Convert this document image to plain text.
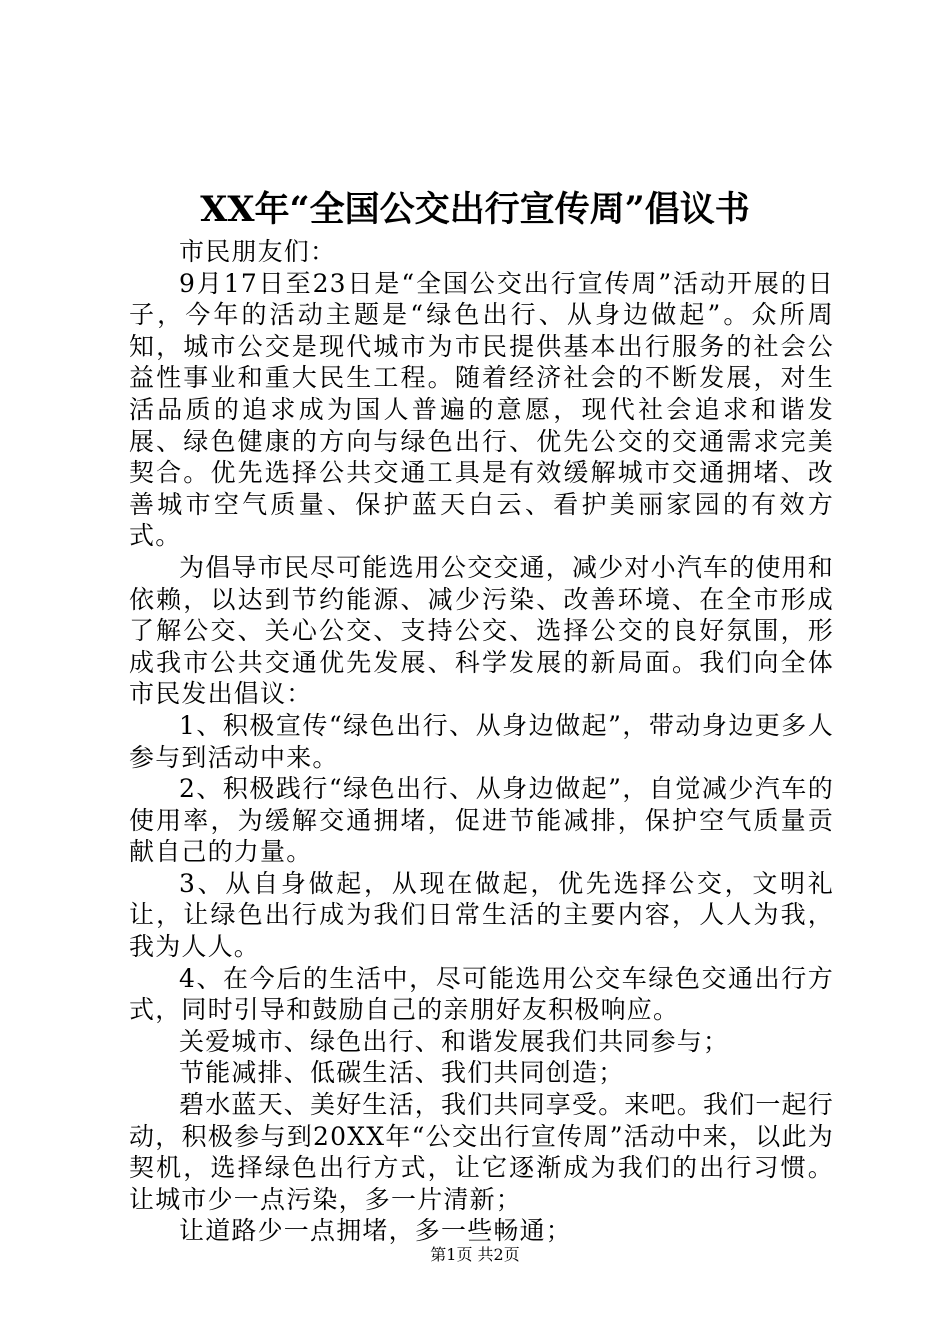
XX年“全国公交出行宣传周”倡议书

市民朋友们：

9月17日至23日是“全国公交出行宣传周”活动开展的日子，今年的活动主题是“绿色出行、从身边做起”。众所周知，城市公交是现代城市为市民提供基本出行服务的社会公益性事业和重大民生工程。随着经济社会的不断发展，对生活品质的追求成为国人普遍的意愿，现代社会追求和谐发展、绿色健康的方向与绿色出行、优先公交的交通需求完美契合。优先选择公共交通工具是有效缓解城市交通拥堵、改善城市空气质量、保护蓝天白云、看护美丽家园的有效方式。

为倡导市民尽可能选用公交交通，减少对小汽车的使用和依赖，以达到节约能源、减少污染、改善环境、在全市形成了解公交、关心公交、支持公交、选择公交的良好氛围，形成我市公共交通优先发展、科学发展的新局面。我们向全体市民发出倡议：

1、积极宣传“绿色出行、从身边做起”，带动身边更多人参与到活动中来。

2、积极践行“绿色出行、从身边做起”，自觉减少汽车的使用率，为缓解交通拥堵，促进节能减排，保护空气质量贡献自己的力量。

3、从自身做起，从现在做起，优先选择公交，文明礼让，让绿色出行成为我们日常生活的主要内容，人人为我，我为人人。

4、在今后的生活中，尽可能选用公交车绿色交通出行方式，同时引导和鼓励自己的亲朋好友积极响应。

关爱城市、绿色出行、和谐发展我们共同参与；

节能减排、低碳生活、我们共同创造；

碧水蓝天、美好生活，我们共同享受。来吧。我们一起行动，积极参与到20XX年“公交出行宣传周”活动中来，以此为契机，选择绿色出行方式，让它逐渐成为我们的出行习惯。让城市少一点污染，多一片清新；

让道路少一点拥堵，多一些畅通；

第1页 共2页
